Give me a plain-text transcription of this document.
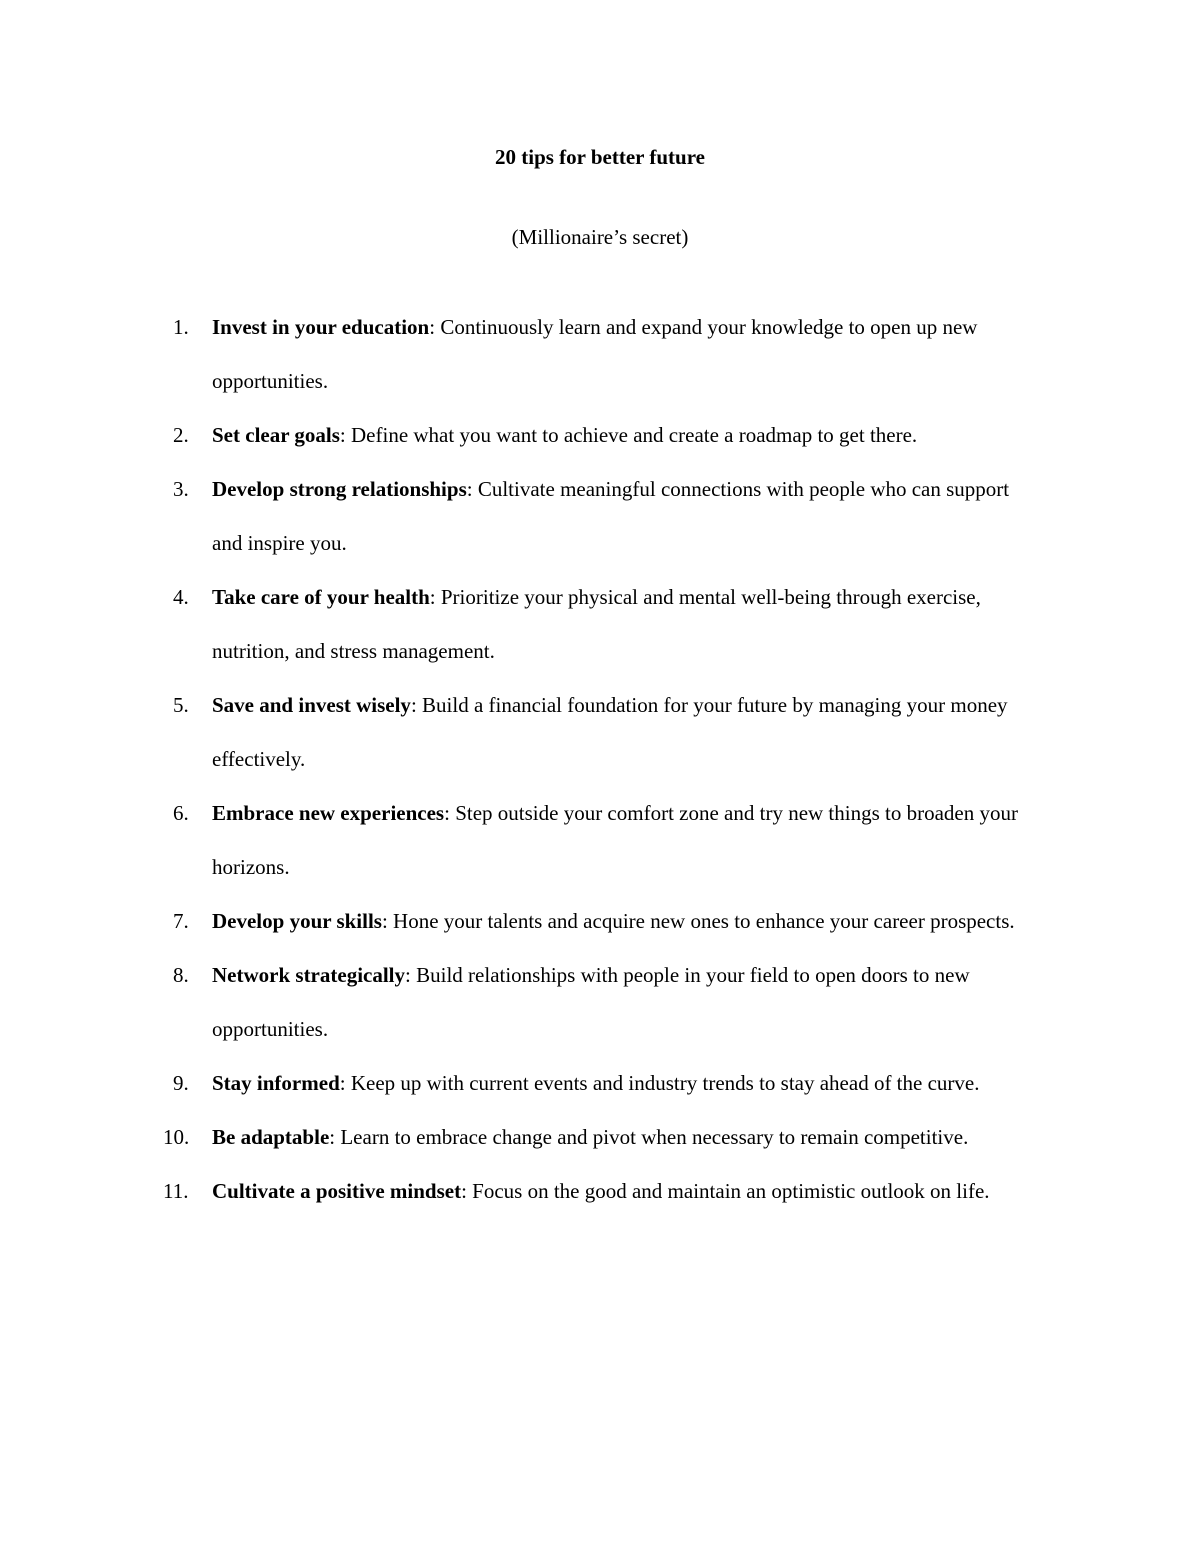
20 tips for better future

(Millionaire’s secret)

1.	Invest in your education: Continuously learn and expand your knowledge to open up new opportunities.
2.	Set clear goals: Define what you want to achieve and create a roadmap to get there.
3.	Develop strong relationships: Cultivate meaningful connections with people who can support and inspire you.
4.	Take care of your health: Prioritize your physical and mental well-being through exercise, nutrition, and stress management.
5.	Save and invest wisely: Build a financial foundation for your future by managing your money effectively.
6.	Embrace new experiences: Step outside your comfort zone and try new things to broaden your horizons.
7.	Develop your skills: Hone your talents and acquire new ones to enhance your career prospects.
8.	Network strategically: Build relationships with people in your field to open doors to new opportunities.
9.	Stay informed: Keep up with current events and industry trends to stay ahead of the curve.
10.	Be adaptable: Learn to embrace change and pivot when necessary to remain competitive.
11.	Cultivate a positive mindset: Focus on the good and maintain an optimistic outlook on life.
